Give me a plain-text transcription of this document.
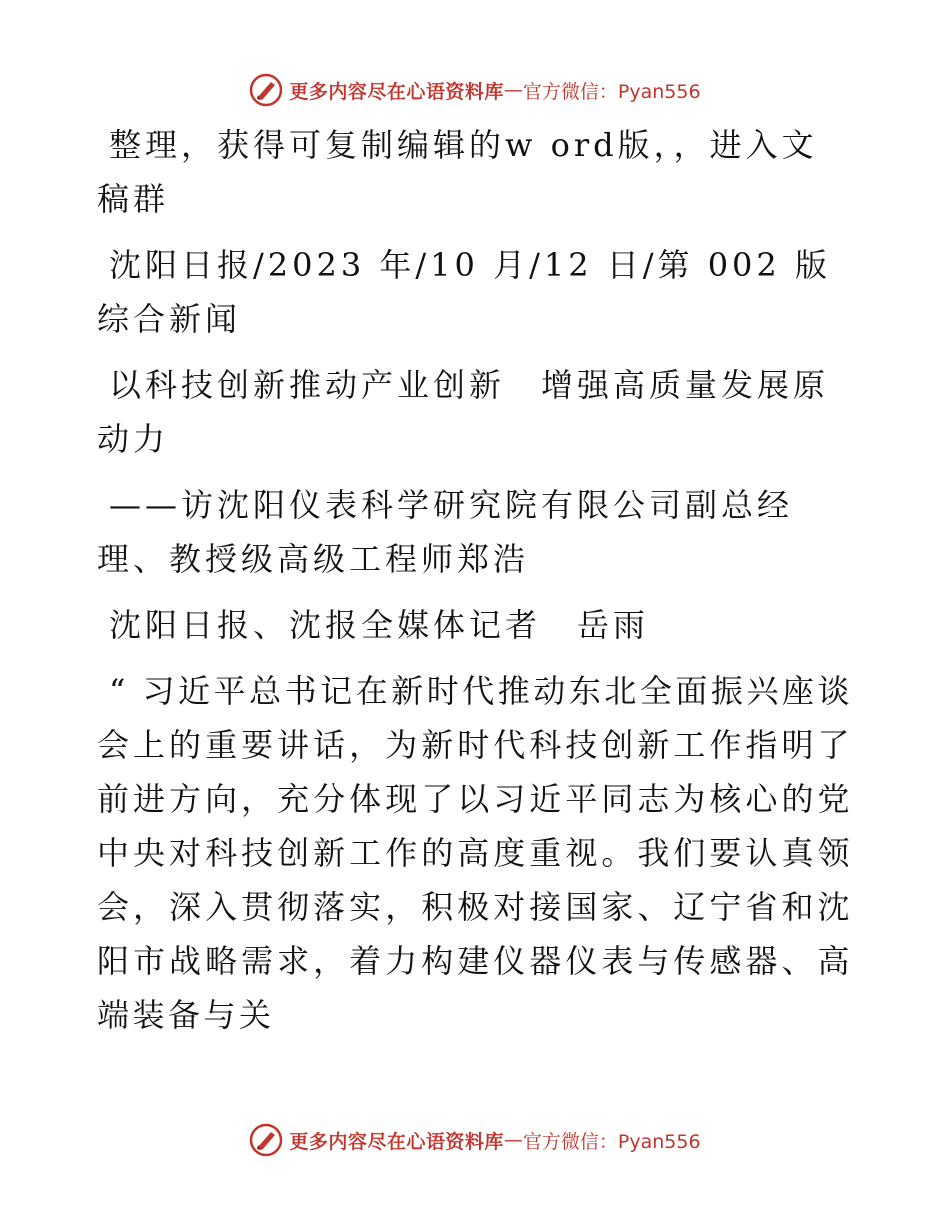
更多内容尽在心语资料库 — 官方微信：Pyan556

整理，获得可复制编辑的w ord版，，进入文稿群

沈阳日报/2023 年/10 月/12 日/第 002 版综合新闻

以科技创新推动产业创新　增强高质量发展原动力

——访沈阳仪表科学研究院有限公司副总经理、教授级高级工程师郑浩

沈阳日报、沈报全媒体记者　岳雨

“ 习近平总书记在新时代推动东北全面振兴座谈会上的重要讲话，为新时代科技创新工作指明了前进方向，充分体现了以习近平同志为核心的党中央对科技创新工作的高度重视。我们要认真领会，深入贯彻落实，积极对接国家、辽宁省和沈阳市战略需求，着力构建仪器仪表与传感器、高端装备与关

更多内容尽在心语资料库 — 官方微信：Pyan556
